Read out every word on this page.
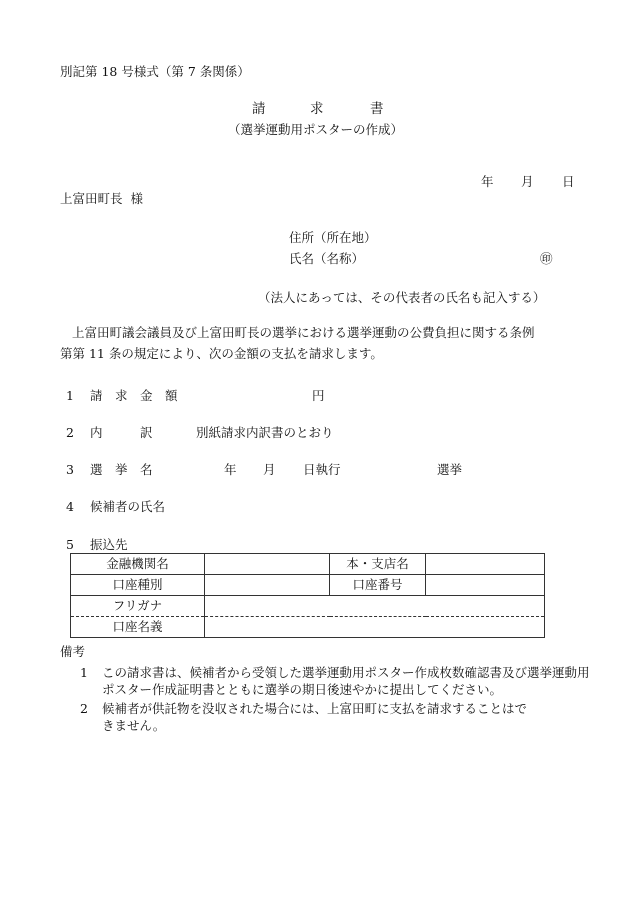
別記第 18 号様式（第 7 条関係）
請	求	書
（選挙運動用ポスターの作成）
年 月 日
上富田町長  様
住所（所在地）
氏名（名称）	㊞
（法人にあっては、その代表者の氏名も記入する）
上富田町議会議員及び上富田町長の選挙における選挙運動の公費負担に関する条例
第第 11 条の規定により、次の金額の支払を請求します。
1 請　求　金　額	円
2 内　　　訳	別紙請求内訳書のとおり
3 選　挙　名	年 月 日執行	選挙
4 候補者の氏名
5 振込先
金融機関名		本・支店名	
口座種別		口座番号	
フリガナ			
口座名義			
備考
1	この請求書は、候補者から受領した選挙運動用ポスター作成枚数確認書及び選挙運動用ポスター作成証明書とともに選挙の期日後速やかに提出してください。
2	候補者が供託物を没収された場合には、上富田町に支払を請求することはできません。
